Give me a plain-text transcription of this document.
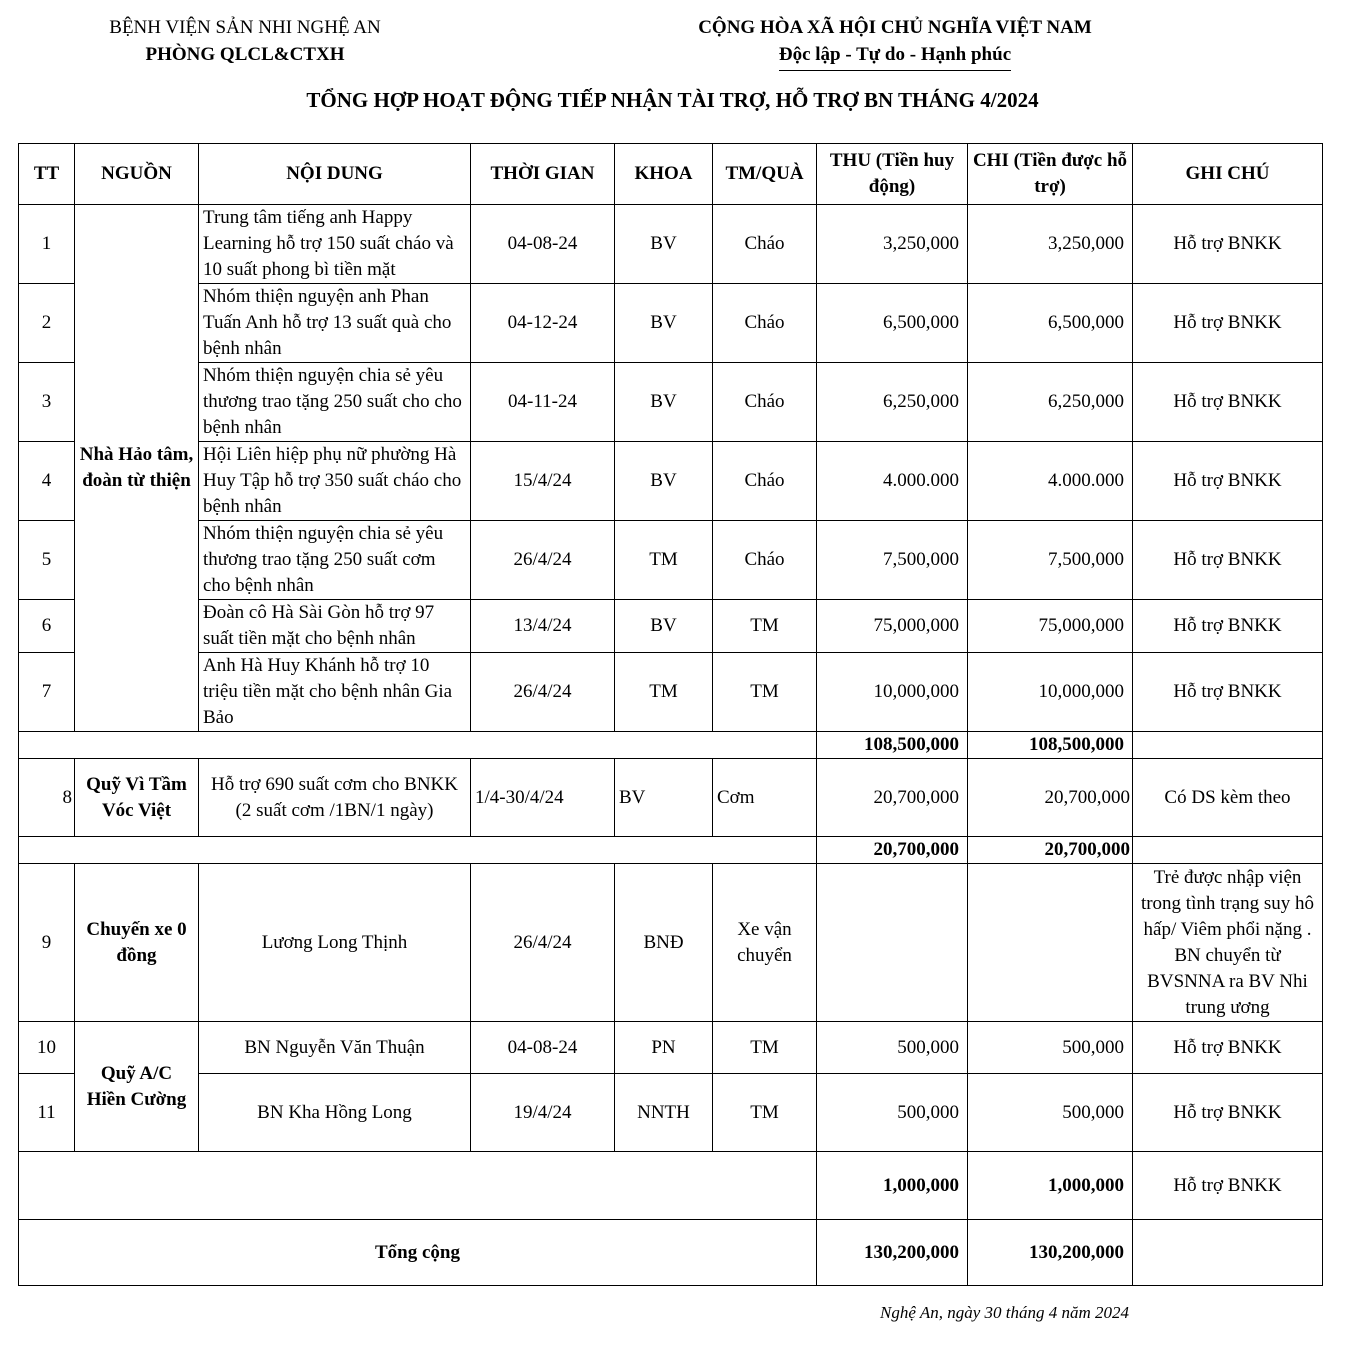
BỆNH VIỆN SẢN NHI NGHỆ AN
PHÒNG QLCL&CTXH
CỘNG HÒA XÃ HỘI CHỦ NGHĨA VIỆT NAM
Độc lập - Tự do - Hạnh phúc
TỔNG HỢP HOẠT ĐỘNG TIẾP NHẬN TÀI TRỢ, HỖ TRỢ BN THÁNG 4/2024
TT	NGUỒN	NỘI DUNG	THỜI GIAN	KHOA	TM/QUÀ	THU (Tiền huy động)	CHI (Tiền được hỗ trợ)	GHI CHÚ
1	Nhà Hảo tâm, đoàn từ thiện	Trung tâm tiếng anh Happy Learning hỗ trợ 150 suất cháo và 10 suất phong bì tiền mặt	04-08-24	BV	Cháo	3,250,000	3,250,000	Hỗ trợ BNKK
2		Nhóm thiện nguyện anh Phan Tuấn Anh hỗ trợ 13 suất quà cho bệnh nhân	04-12-24	BV	Cháo	6,500,000	6,500,000	Hỗ trợ BNKK
3		Nhóm thiện nguyện chia sẻ yêu thương trao tặng 250 suất cho cho bệnh nhân	04-11-24	BV	Cháo	6,250,000	6,250,000	Hỗ trợ BNKK
4		Hội Liên hiệp phụ nữ phường Hà Huy Tập hỗ trợ 350 suất cháo cho bệnh nhân	15/4/24	BV	Cháo	4.000.000	4.000.000	Hỗ trợ BNKK
5		Nhóm thiện nguyện chia sẻ yêu thương trao tặng 250 suất cơm cho bệnh nhân	26/4/24	TM	Cháo	7,500,000	7,500,000	Hỗ trợ BNKK
6		Đoàn cô Hà Sài Gòn hỗ trợ 97 suất tiền mặt cho bệnh nhân	13/4/24	BV	TM	75,000,000	75,000,000	Hỗ trợ BNKK
7		Anh Hà Huy Khánh hỗ trợ 10 triệu tiền mặt cho bệnh nhân Gia Bảo	26/4/24	TM	TM	10,000,000	10,000,000	Hỗ trợ BNKK
						108,500,000	108,500,000	
8	Quỹ Vì Tầm Vóc Việt	Hỗ trợ 690 suất cơm cho BNKK (2 suất cơm /1BN/1 ngày)	1/4-30/4/24	BV	Cơm	20,700,000	20,700,000	Có DS kèm theo
						20,700,000	20,700,000	
9	Chuyến xe 0 đồng	Lương Long Thịnh	26/4/24	BNĐ	Xe vận chuyển			Trẻ được nhập viện trong tình trạng suy hô hấp/ Viêm phổi nặng . BN chuyển từ BVSNNA ra BV Nhi trung ương
10	Quỹ A/C Hiền Cường	BN Nguyễn Văn Thuận	04-08-24	PN	TM	500,000	500,000	Hỗ trợ BNKK
11		BN Kha Hồng Long	19/4/24	NNTH	TM	500,000	500,000	Hỗ trợ BNKK
						1,000,000	1,000,000	Hỗ trợ BNKK
Tổng cộng						130,200,000	130,200,000	
Nghệ An, ngày 30 tháng 4 năm 2024
